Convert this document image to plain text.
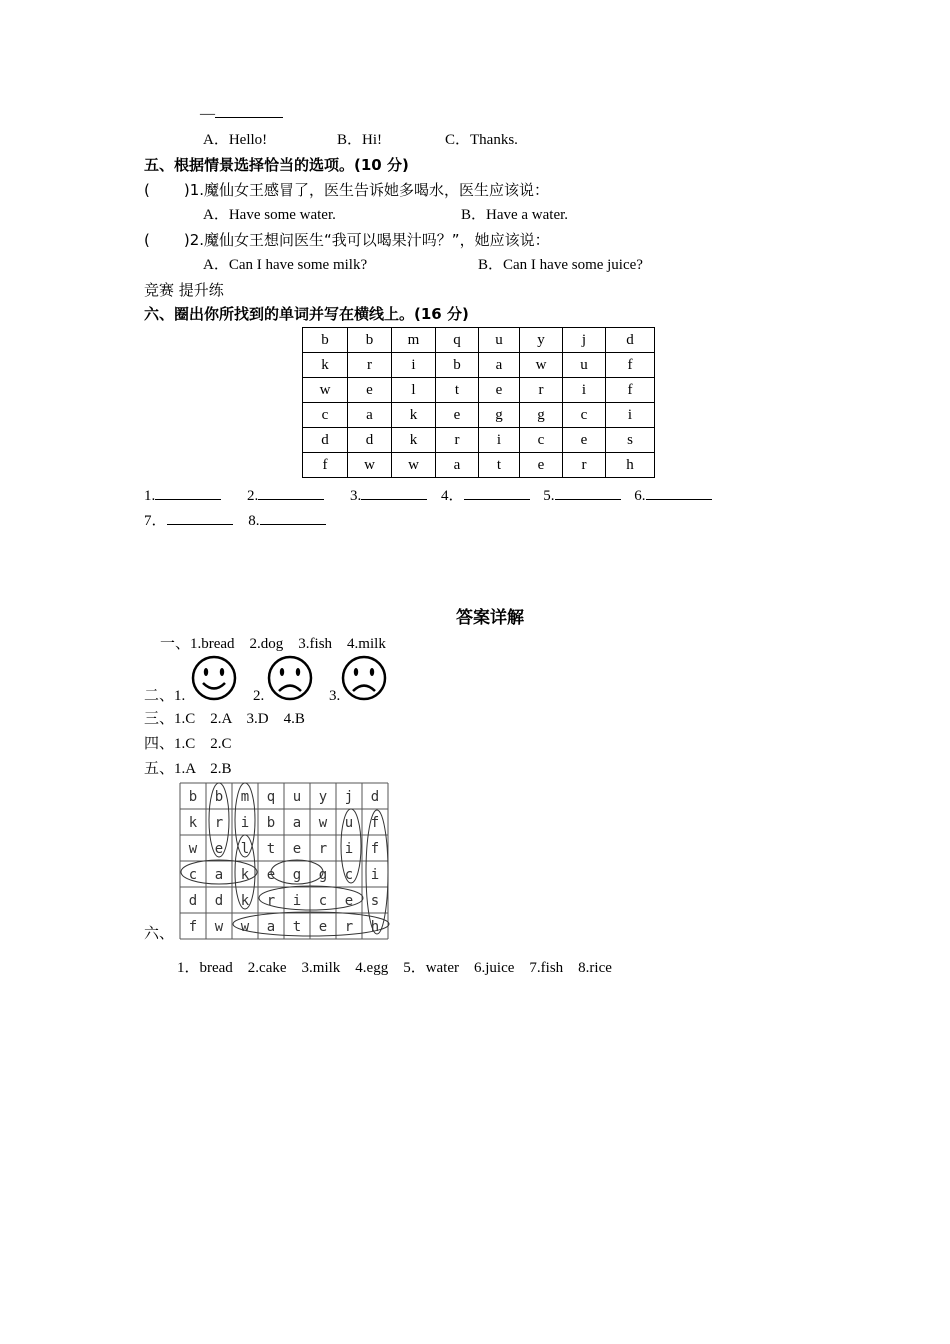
—
A．Hello!	B．Hi!	C．Thanks.
五、根据情景选择恰当的选项。(10 分)
( )1.魔仙女王感冒了，医生告诉她多喝水，医生应该说：
A．Have some water.	B．Have a water.
( )2.魔仙女王想问医生“我可以喝果汁吗？”，她应该说：
A．Can I have some milk?	B．Can I have some juice?
竞赛 提升练
六、圈出你所找到的单词并写在横线上。(16 分)
b	b	m	q	u	y	j	d
k	r	i	b	a	w	u	f
w	e	l	t	e	r	i	f
c	a	k	e	g	g	c	i
d	d	k	r	i	c	e	s
f	w	w	a	t	e	r	h
1.	2.	3.	4．	5.	6.
7．	8.
答案详解
一、1.bread　2.dog　3.fish　4.milk
二、1.	2.	3.
三、1.C　2.A　3.D　4.B
四、1.C　2.C
五、1.A　2.B
六、
b b m q u y j d
k r i b a w u f
w e l t e r i f
c a k e g g c i
d d k r i c e s
f w w a t e r h
1．bread　2.cake　3.milk　4.egg　5．water　6.juice　7.fish　8.rice
